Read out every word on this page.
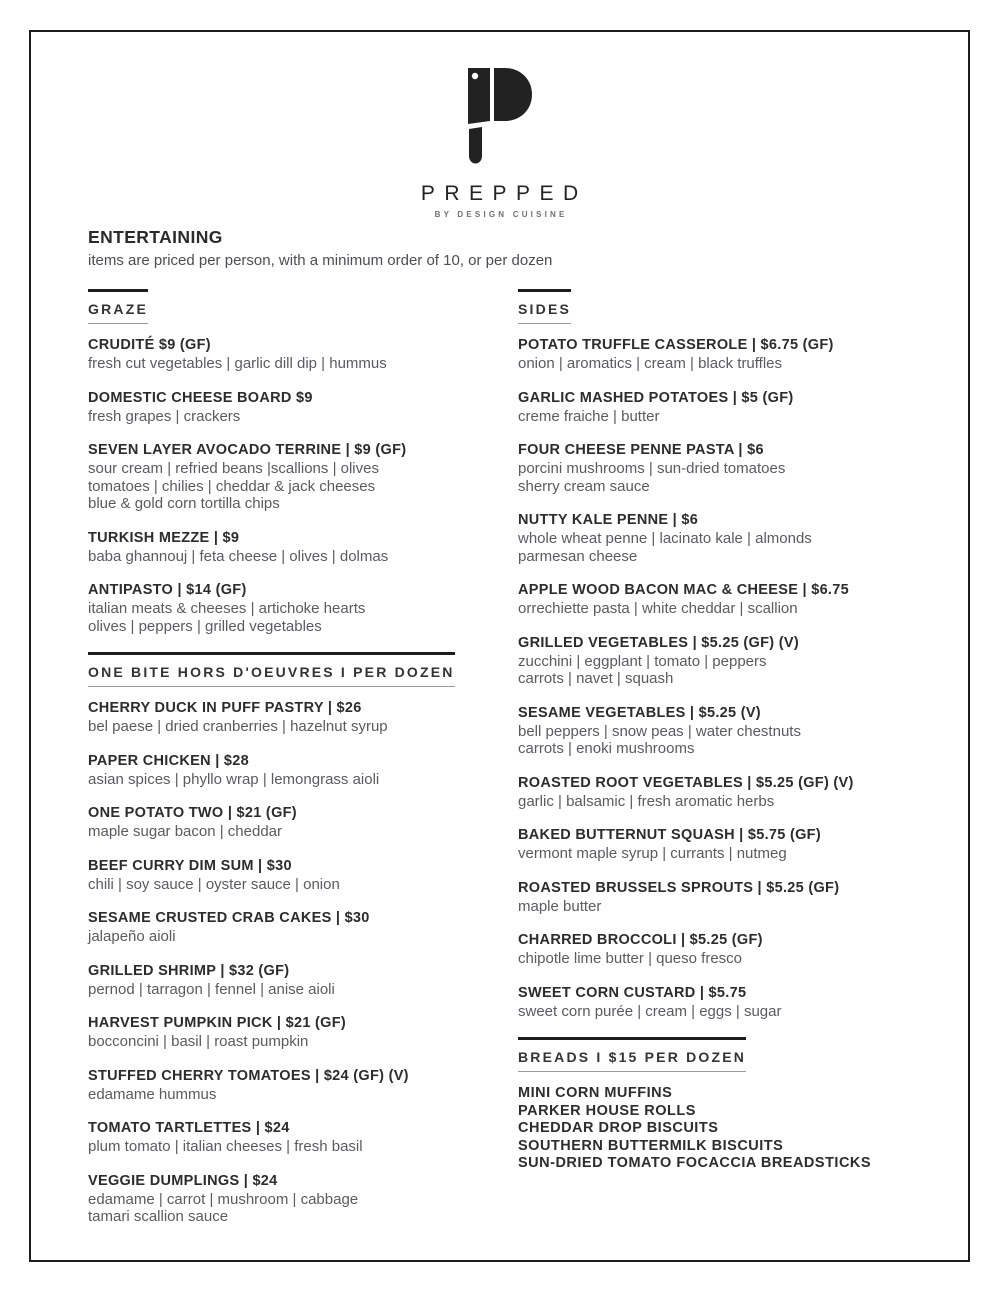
PREPPED
BY DESIGN CUISINE
ENTERTAINING

items are priced per person, with a minimum order of 10, or per dozen

GRAZE
CRUDITÉ $9 (GF)
fresh cut vegetables | garlic dill dip | hummus
DOMESTIC CHEESE BOARD $9
fresh grapes | crackers
SEVEN LAYER AVOCADO TERRINE | $9 (GF)
sour cream | refried beans |scallions | olives
tomatoes | chilies | cheddar & jack cheeses
blue & gold corn tortilla chips
TURKISH MEZZE | $9
baba ghannouj | feta cheese | olives | dolmas
ANTIPASTO | $14 (GF)
italian meats & cheeses | artichoke hearts
olives | peppers | grilled vegetables
ONE BITE HORS D'OEUVRES I PER DOZEN
CHERRY DUCK IN PUFF PASTRY | $26
bel paese | dried cranberries | hazelnut syrup
PAPER CHICKEN | $28
asian spices | phyllo wrap | lemongrass aioli
ONE POTATO TWO | $21 (GF)
maple sugar bacon | cheddar
BEEF CURRY DIM SUM | $30
chili | soy sauce | oyster sauce | onion
SESAME CRUSTED CRAB CAKES | $30
jalapeño aioli
GRILLED SHRIMP | $32 (GF)
pernod | tarragon | fennel | anise aioli
HARVEST PUMPKIN PICK | $21 (GF)
bocconcini | basil | roast pumpkin
STUFFED CHERRY TOMATOES | $24 (GF) (V)
edamame hummus
TOMATO TARTLETTES | $24
plum tomato | italian cheeses | fresh basil
VEGGIE DUMPLINGS | $24
edamame | carrot | mushroom | cabbage
tamari scallion sauce
SIDES
POTATO TRUFFLE CASSEROLE | $6.75 (GF)
onion | aromatics | cream | black truffles
GARLIC MASHED POTATOES | $5 (GF)
creme fraiche | butter
FOUR CHEESE PENNE PASTA | $6
porcini mushrooms | sun-dried tomatoes
sherry cream sauce
NUTTY KALE PENNE | $6
whole wheat penne | lacinato kale | almonds
parmesan cheese
APPLE WOOD BACON MAC & CHEESE | $6.75
orrechiette pasta | white cheddar | scallion
GRILLED VEGETABLES | $5.25 (GF) (V)
zucchini | eggplant | tomato | peppers
carrots | navet | squash
SESAME VEGETABLES | $5.25 (V)
bell peppers | snow peas | water chestnuts
carrots | enoki mushrooms
ROASTED ROOT VEGETABLES | $5.25 (GF) (V)
garlic | balsamic | fresh aromatic herbs
BAKED BUTTERNUT SQUASH | $5.75 (GF)
vermont maple syrup | currants | nutmeg
ROASTED BRUSSELS SPROUTS | $5.25 (GF)
maple butter
CHARRED BROCCOLI | $5.25 (GF)
chipotle lime butter | queso fresco
SWEET CORN CUSTARD | $5.75
sweet corn purée | cream | eggs | sugar
BREADS I $15 PER DOZEN
MINI CORN MUFFINS
PARKER HOUSE ROLLS
CHEDDAR DROP BISCUITS
SOUTHERN BUTTERMILK BISCUITS
SUN-DRIED TOMATO FOCACCIA BREADSTICKS
